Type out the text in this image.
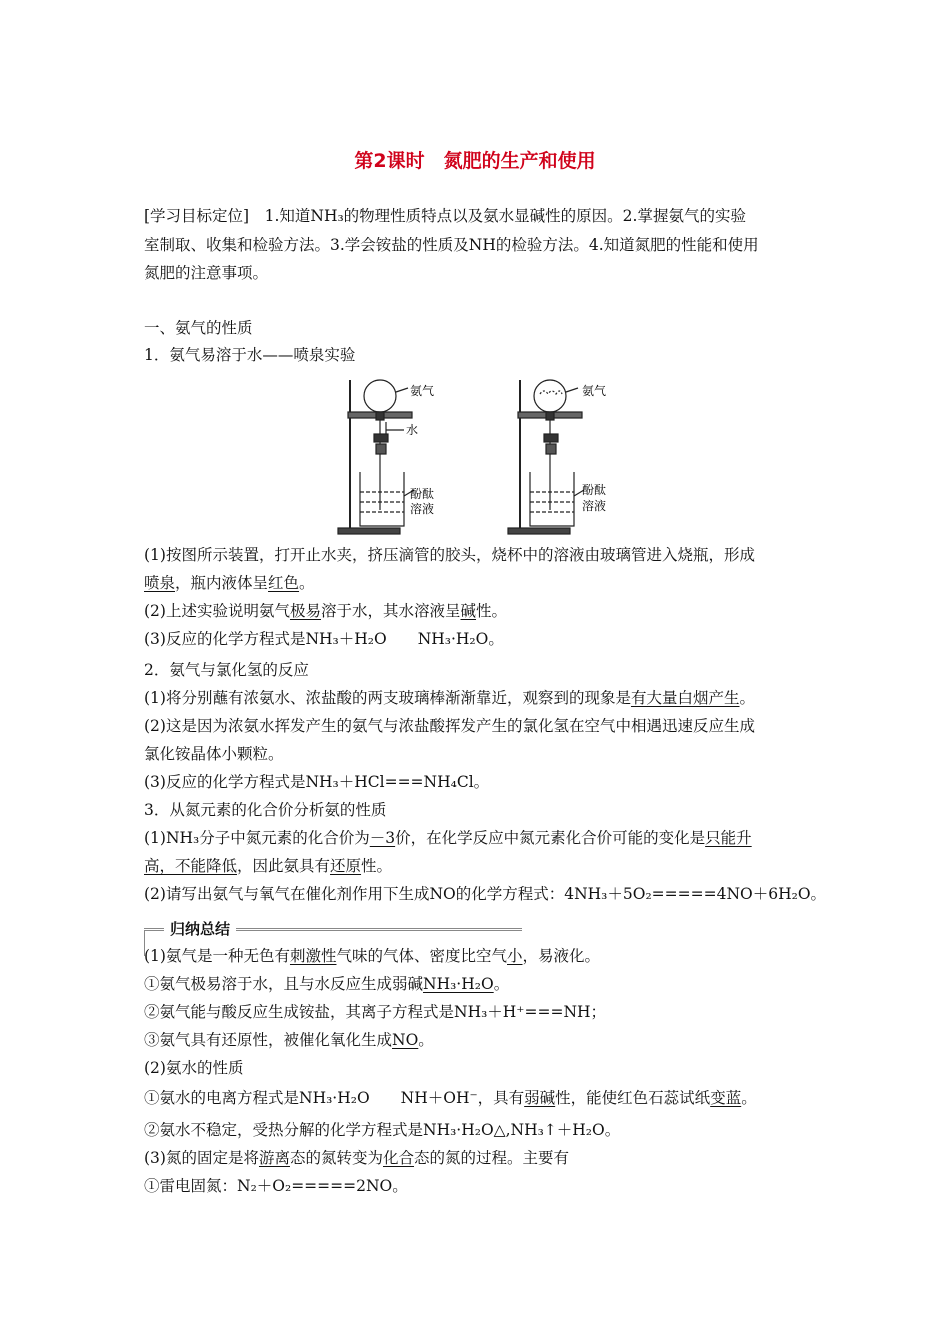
第2课时　氮肥的生产和使用
[学习目标定位]　1.知道NH₃的物理性质特点以及氨水显碱性的原因。2.掌握氨气的实验
室制取、收集和检验方法。3.学会铵盐的性质及NH的检验方法。4.知道氮肥的性能和使用
氮肥的注意事项。
一、氨气的性质
1．氨气易溶于水——喷泉实验
氨气
水
酚酞
溶液
氨气
酚酞
溶液
(1)按图所示装置，打开止水夹，挤压滴管的胶头，烧杯中的溶液由玻璃管进入烧瓶，形成
喷泉，瓶内液体呈红色。
(2)上述实验说明氨气极易溶于水，其水溶液呈碱性。
(3)反应的化学方程式是NH₃＋H₂O　　NH₃·H₂O。
2．氨气与氯化氢的反应
(1)将分别蘸有浓氨水、浓盐酸的两支玻璃棒渐渐靠近，观察到的现象是有大量白烟产生。
(2)这是因为浓氨水挥发产生的氨气与浓盐酸挥发产生的氯化氢在空气中相遇迅速反应生成
氯化铵晶体小颗粒。
(3)反应的化学方程式是NH₃＋HCl===NH₄Cl。
3．从氮元素的化合价分析氨的性质
(1)NH₃分子中氮元素的化合价为－3价，在化学反应中氮元素化合价可能的变化是只能升
高，不能降低，因此氨具有还原性。
(2)请写出氨气与氧气在催化剂作用下生成NO的化学方程式：4NH₃＋5O₂=====4NO＋6H₂O。
归纳总结
(1)氨气是一种无色有刺激性气味的气体、密度比空气小，易液化。
①氨气极易溶于水，且与水反应生成弱碱NH₃·H₂O。
②氨气能与酸反应生成铵盐，其离子方程式是NH₃＋H⁺===NH；
③氨气具有还原性，被催化氧化生成NO。
(2)氨水的性质
①氨水的电离方程式是NH₃·H₂O　　NH＋OH⁻，具有弱碱性，能使红色石蕊试纸变蓝。
②氨水不稳定，受热分解的化学方程式是NH₃·H₂O△,NH₃↑＋H₂O。
(3)氮的固定是将游离态的氮转变为化合态的氮的过程。主要有
①雷电固氮：N₂＋O₂=====2NO。
